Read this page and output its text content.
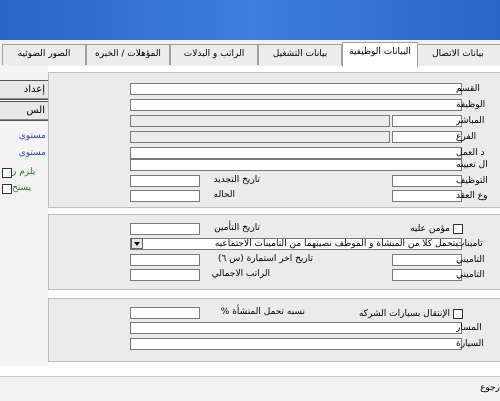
بيانات الاتصال
البيانات الوظيفية
بيانات التشغيل
الراتب و البدلات
المؤهلات / الخبره
الصور الضوئيه
إعداد
الس
مستوى
مستوى
يلزم ر
يستح
القسم
الوظيفة
المباشر
الفرع
د العمل
ال تعيينه
تاريخ التجديد	التوظيف
الحاله	وع العقد
تاريخ التأمين	مؤمن عليه
يتحمل كلاً من المنشأة و الموظف نصيبهما من التأمينات الاجتماعيه
تأمينات
تاريخ اخر استمارة (س ٦)	التأميني
الراتب الاجمالي	التأميني
نسبه تحمل المنشأة %	الإنتقال بسيارات الشركه
المسار
السيارة
رجوع
